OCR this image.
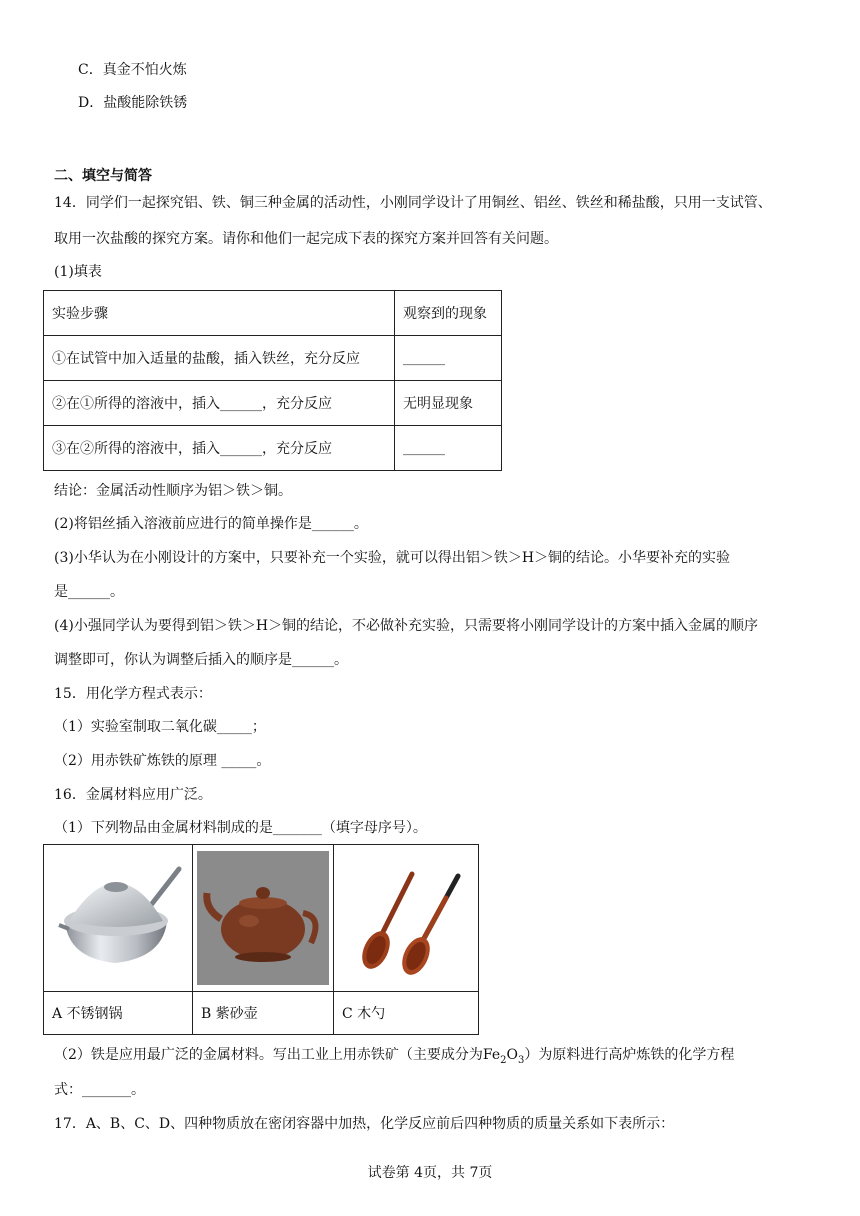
C．真金不怕火炼
D．盐酸能除铁锈
二、填空与简答
14．同学们一起探究铝、铁、铜三种金属的活动性，小刚同学设计了用铜丝、铝丝、铁丝和稀盐酸，只用一支试管、
取用一次盐酸的探究方案。请你和他们一起完成下表的探究方案并回答有关问题。
(1)填表
实验步骤	观察到的现象
①在试管中加入适量的盐酸，插入铁丝，充分反应	______
②在①所得的溶液中，插入______，充分反应	无明显现象
③在②所得的溶液中，插入______，充分反应	______
结论：金属活动性顺序为铝＞铁＞铜。
(2)将铝丝插入溶液前应进行的简单操作是______。
(3)小华认为在小刚设计的方案中，只要补充一个实验，就可以得出铝＞铁＞H＞铜的结论。小华要补充的实验
是______。
(4)小强同学认为要得到铝＞铁＞H＞铜的结论，不必做补充实验，只需要将小刚同学设计的方案中插入金属的顺序
调整即可，你认为调整后插入的顺序是______。
15．用化学方程式表示：
（1）实验室制取二氧化碳_____；
（2）用赤铁矿炼铁的原理 _____。
16．金属材料应用广泛。
（1）下列物品由金属材料制成的是_______（填字母序号）。

A 不锈钢锅	B 紫砂壶	C 木勺
（2）铁是应用最广泛的金属材料。写出工业上用赤铁矿（主要成分为$Fe_2O_3$）为原料进行高炉炼铁的化学方程
式：_______。
17．A、B、C、D、四种物质放在密闭容器中加热，化学反应前后四种物质的质量关系如下表所示：
试卷第 4页，共 7页
